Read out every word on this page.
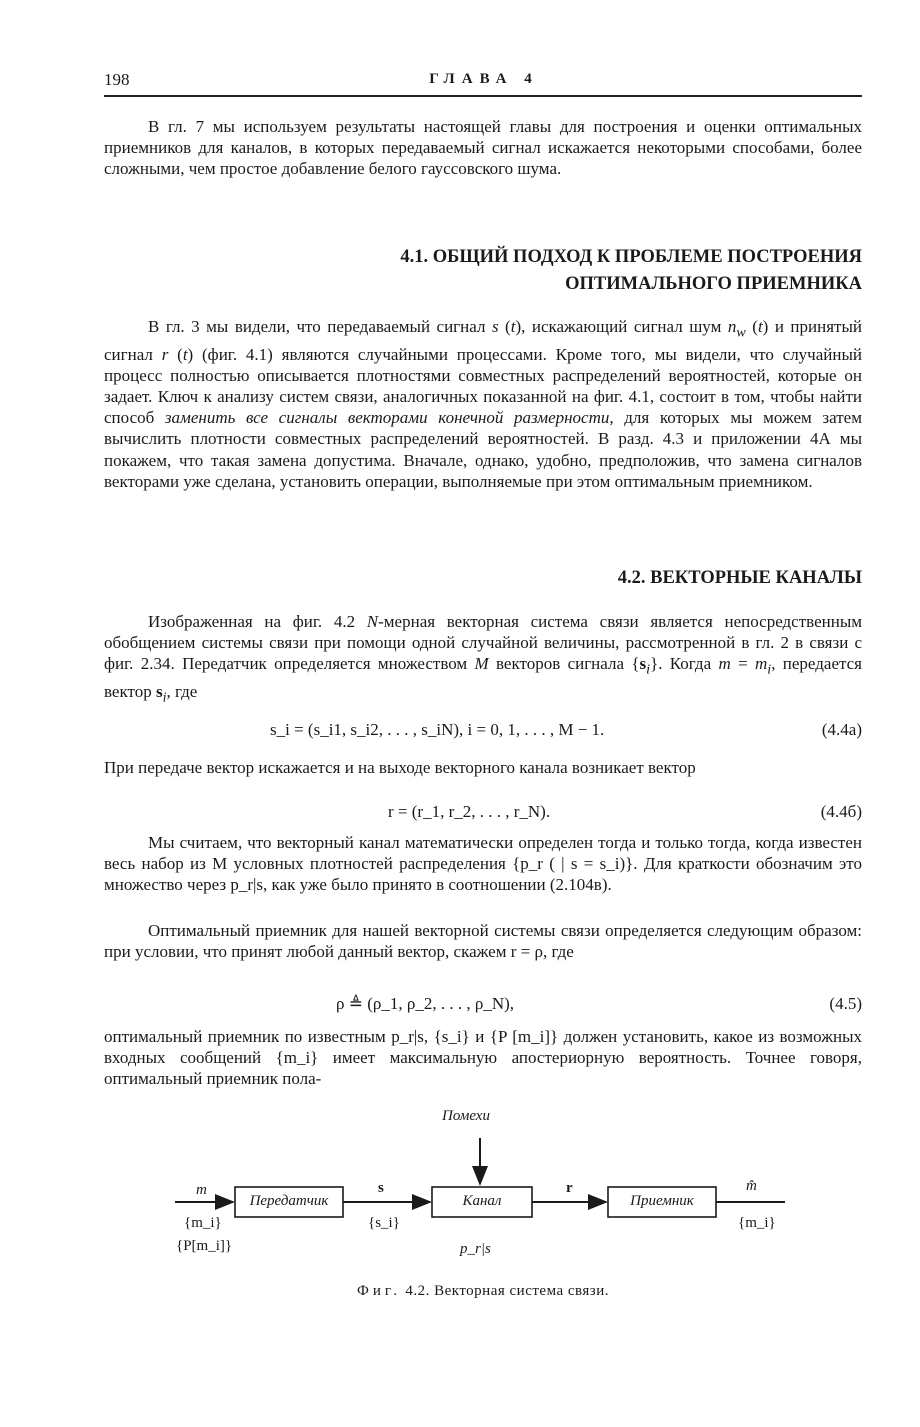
198	ГЛАВА 4
В гл. 7 мы используем результаты настоящей главы для построения и оценки оптимальных приемников для каналов, в которых передаваемый сигнал искажается некоторыми способами, более сложными, чем простое добавление белого гауссовского шума.
4.1. ОБЩИЙ ПОДХОД К ПРОБЛЕМЕ ПОСТРОЕНИЯ
ОПТИМАЛЬНОГО ПРИЕМНИКА
В гл. 3 мы видели, что передаваемый сигнал s (t), искажающий сигнал шум $n_w$ (t) и принятый сигнал r (t) (фиг. 4.1) являются случайными процессами. Кроме того, мы видели, что случайный процесс полностью описывается плотностями совместных распределений вероятностей, которые он задает. Ключ к анализу систем связи, аналогичных показанной на фиг. 4.1, состоит в том, чтобы найти способ заменить все сигналы векторами конечной размерности, для которых мы можем затем вычислить плотности совместных распределений вероятностей. В разд. 4.3 и приложении 4А мы покажем, что такая замена допустима. Вначале, однако, удобно, предположив, что замена сигналов векторами уже сделана, установить операции, выполняемые при этом оптимальным приемником.
4.2. ВЕКТОРНЫЕ КАНАЛЫ
Изображенная на фиг. 4.2 N-мерная векторная система связи является непосредственным обобщением системы связи при помощи одной случайной величины, рассмотренной в гл. 2 в связи с фиг. 2.34. Передатчик определяется множеством M векторов сигнала $\{s_i\}$. Когда $m = m_i$, передается вектор $s_i$, где
s_i = (s_i1, s_i2, . . . , s_iN), i = 0, 1, . . . , M − 1.	(4.4а)
При передаче вектор искажается и на выходе векторного канала возникает вектор
r = (r_1, r_2, . . . , r_N).	(4.4б)
Мы считаем, что векторный канал математически определен тогда и только тогда, когда известен весь набор из M условных плотностей распределения {p_r ( | s = s_i)}. Для краткости обозначим это множество через p_r|s, как уже было принято в соотношении (2.104в).
Оптимальный приемник для нашей векторной системы связи определяется следующим образом: при условии, что принят любой данный вектор, скажем r = ρ, где
ρ ≜ (ρ_1, ρ_2, . . . , ρ_N),	(4.5)
оптимальный приемник по известным p_r|s, {s_i} и {P [m_i]} должен установить, какое из возможных входных сообщений {m_i} имеет максимальную апостериорную вероятность. Точнее говоря, оптимальный приемник пола-
Помехи
Передатчик	Канал	Приемник
m
{m_i}
{P[m_i]}
s
{s_i}
r
p_r|s
m̂
{m_i}
Фиг. 4.2. Векторная система связи.
